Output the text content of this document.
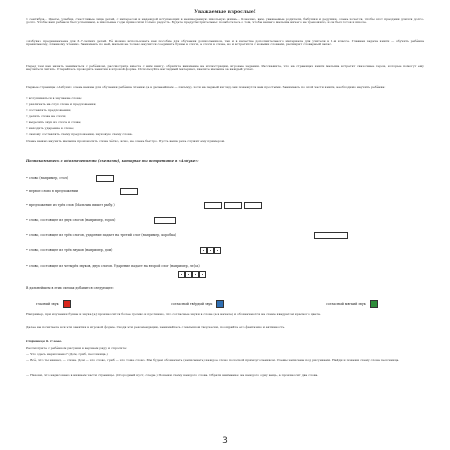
Уважаемые взрослые!
1 сентября... Цветы, улыбки, счастливые лица детей, с интересом и надеждой вступающих в неизведанную школьную жизнь... Конечно, вам, уважаемые родители, бабушки и дедушки, очень хочется, чтобы этот праздник длился долго-долго. Чтобы ваш ребёнок был успешным, а школьные годы приносили только радость. Будьте предусмотрительны: позаботьтесь о том, чтобы вашего малыша ничего не тревожило, и он был готов к школе.
«Азбука» предназначена для 3–7-летних детей. Её можно использовать как пособие для обучения дошкольников, так и в качестве дополнительного материала для учителя в 1-м классе. Главная задача книги — обучить ребёнка правильному, плавному чтению. Занимаясь по ней, малыш не только научится соединять буквы в слоги, а слоги в слова, но и встретится с новыми словами, расширит словарный запас.
Перед тем как начать заниматься с ребёнком, рассмотрите вместе с ним книгу, обратите внимание на иллюстрации, игровые задания. Расскажите, что на страницах книги малыша встретят сказочные герои, которые помогут ему научиться читать. Старайтесь проводить занятия в игровой форме. Используйте наглядный материал, хвалите малыша за каждый успех.
Первые страницы «Азбуки» очень важны для обучения ребёнка чтению (а в дальнейшем — письму), хотя на первый взгляд они покажутся вам простыми. Занимаясь по этой части книги, необходимо научить ребёнка:
• вслушиваться в звучание слова;
• различать на слух слова и предложения;
• составлять предложения;
• делить слова на слоги;
• выделять звук из слога и слова;
• находить ударение в слове;
• самому составлять схему предложения, звуковую схему слова.
Очень важно научить малыша произносить слова чётко, ясно, не очень быстро. Пусть ваша речь служит ему примером.
Познакомьтесь с обозначениями (схемами), которые вы встретите в «Азбуке»:
• слово (например, стол)
• первое слово в предложении
• предложение из трёх слов (Мальчик пишет рыбу.)
• слово, состоящее из двух слогов (например, горох)
• слово, состоящее из трёх слогов, ударение падает на третий слог (например, коробка)
• слово, состоящее из трёх звуков (например, дом)
• слово, состоящее из четырёх звуков, двух слогов. Ударение падает на второй слог (например, ле|са)
В дальнейшем в этих схемах добавится следующее:
гласный звук	согласный твёрдый звук	согласный мягкий звук
Например, при изучении буквы и звука [а] произносится более громко и протяжно, что согласные звуки в слове (а в начале) и обозначаются на схеме квадратом красного цвета.
Далее вы почитаете вся эти занятия в игровой форме. Сводя эти рекомендации, занимайтесь с малышом творчески, поощряйте его фантазию и активность.
Страница 6. Слово.
Рассмотрите с ребёнком рисунки в верхнем ряду и спросите:
— Что здесь нарисовано? (Дом, гриб, песочница.)
— Всё, что ты назвал, — слова. Дом — это слово, гриб — это тоже слово. Мы будем обозначать (записывать) каждое слово полоской прямоугольником. Схемы записаны под рисунками. Найди и покажи схему слова песочница.
— Назови, что нарисовано в нижнем части страницы. (Огородный куст, следы.) Покажи схему каждого слова. Обрати внимание: на каждого одну вещь, а произносит два слова.
3
